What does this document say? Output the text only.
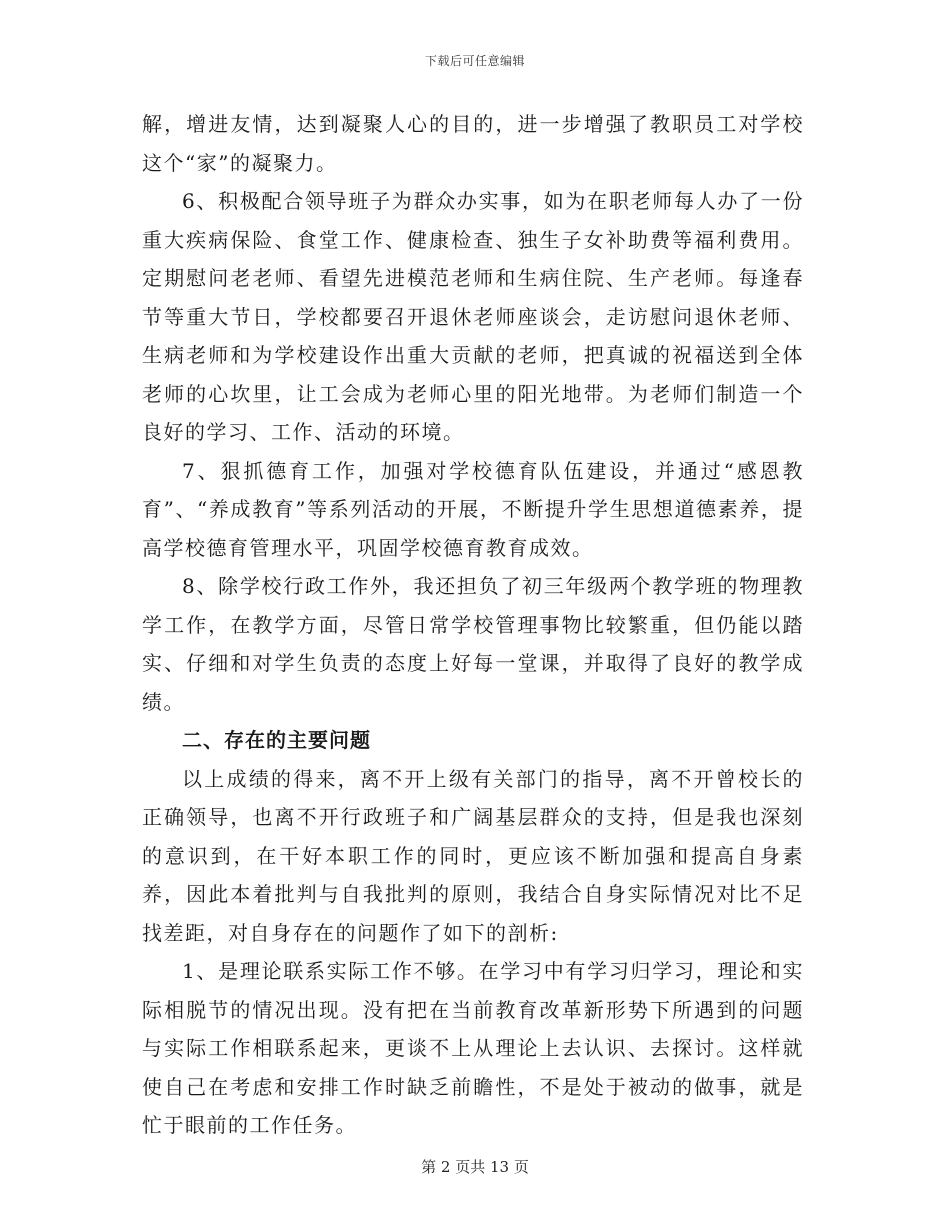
下载后可任意编辑

解，增进友情，达到凝聚人心的目的，进一步增强了教职员工对学校这个“家”的凝聚力。

6、积极配合领导班子为群众办实事，如为在职老师每人办了一份重大疾病保险、食堂工作、健康检查、独生子女补助费等福利费用。定期慰问老老师、看望先进模范老师和生病住院、生产老师。每逢春节等重大节日，学校都要召开退休老师座谈会，走访慰问退休老师、生病老师和为学校建设作出重大贡献的老师，把真诚的祝福送到全体老师的心坎里，让工会成为老师心里的阳光地带。为老师们制造一个良好的学习、工作、活动的环境。

7、狠抓德育工作，加强对学校德育队伍建设，并通过“感恩教育”、“养成教育”等系列活动的开展，不断提升学生思想道德素养，提高学校德育管理水平，巩固学校德育教育成效。

8、除学校行政工作外，我还担负了初三年级两个教学班的物理教学工作，在教学方面，尽管日常学校管理事物比较繁重，但仍能以踏实、仔细和对学生负责的态度上好每一堂课，并取得了良好的教学成绩。

二、存在的主要问题

以上成绩的得来，离不开上级有关部门的指导，离不开曾校长的正确领导，也离不开行政班子和广阔基层群众的支持，但是我也深刻的意识到，在干好本职工作的同时，更应该不断加强和提高自身素养，因此本着批判与自我批判的原则，我结合自身实际情况对比不足找差距，对自身存在的问题作了如下的剖析:

1、是理论联系实际工作不够。在学习中有学习归学习，理论和实际相脱节的情况出现。没有把在当前教育改革新形势下所遇到的问题与实际工作相联系起来，更谈不上从理论上去认识、去探讨。这样就使自己在考虑和安排工作时缺乏前瞻性，不是处于被动的做事，就是忙于眼前的工作任务。

第 2 页共 13 页
